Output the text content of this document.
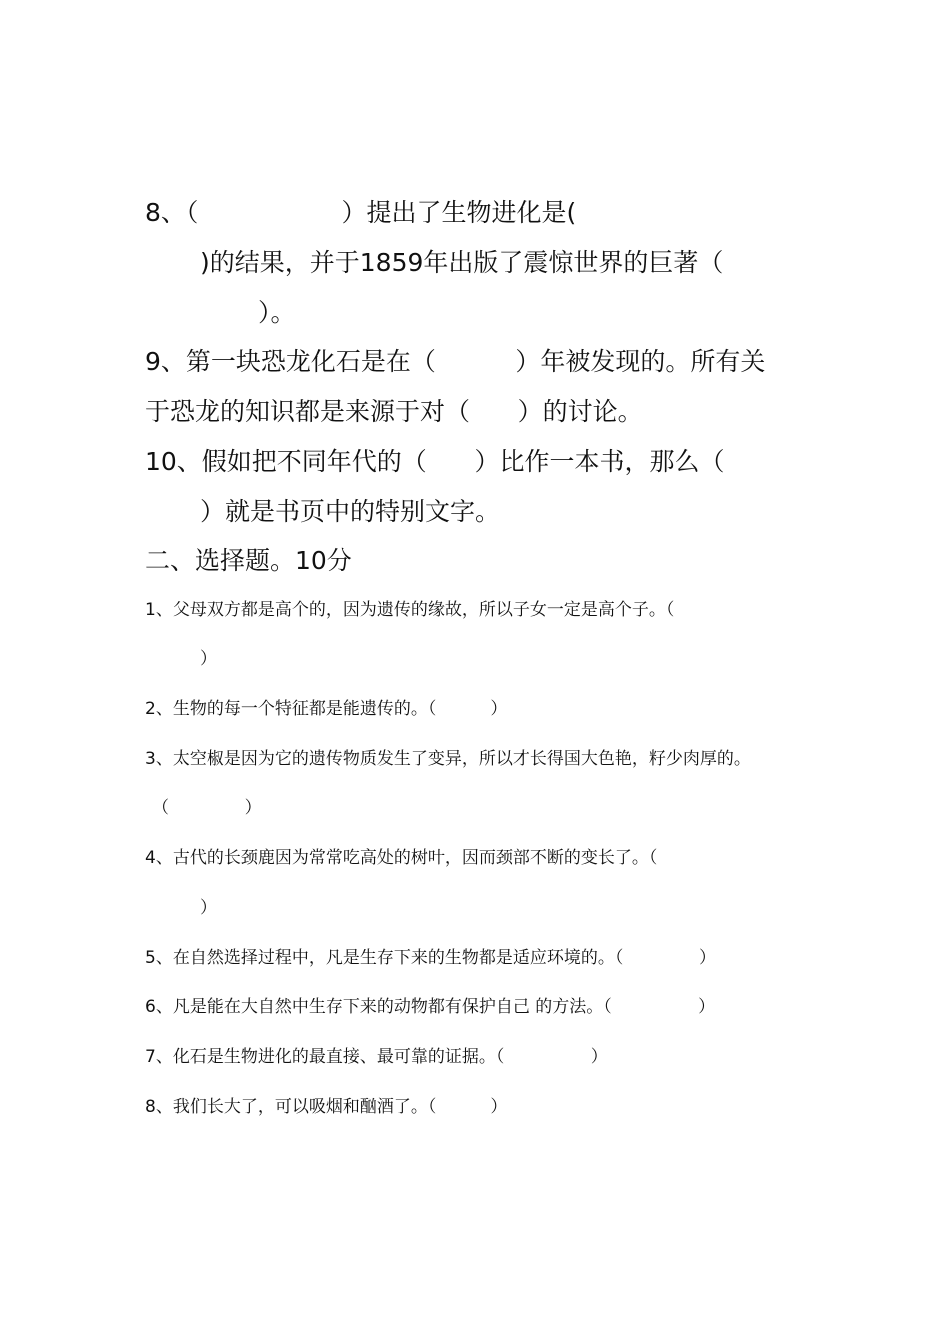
8、（                  ）提出了生物进化是(
)的结果，并于1859年出版了震惊世界的巨著（
）。
9、第一块恐龙化石是在（          ）年被发现的。所有关
于恐龙的知识都是来源于对（      ）的讨论。
10、假如把不同年代的（      ）比作一本书，那么（
）就是书页中的特别文字。
二、选择题。10分
1、父母双方都是高个的，因为遗传的缘故，所以子女一定是高个子。（
）
2、生物的每一个特征都是能遗传的。（          ）
3、太空椒是因为它的遗传物质发生了变异，所以才长得国大色艳，籽少肉厚的。
（              ）
4、古代的长颈鹿因为常常吃高处的树叶，因而颈部不断的变长了。（
）
5、在自然选择过程中，凡是生存下来的生物都是适应环境的。（              ）
6、凡是能在大自然中生存下来的动物都有保护自己 的方法。（                ）
7、化石是生物进化的最直接、最可靠的证据。（                ）
8、我们长大了，可以吸烟和酗酒了。（          ）
